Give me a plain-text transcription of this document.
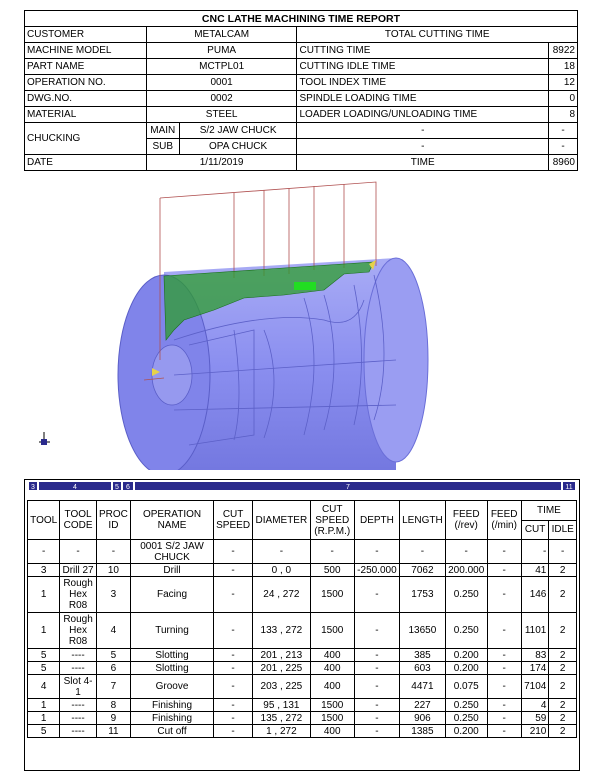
CNC LATHE MACHINING TIME REPORT				
CUSTOMER	METALCAM		TOTAL CUTTING TIME	
MACHINE MODEL	PUMA		CUTTING TIME	8922
PART NAME	MCTPL01		CUTTING IDLE TIME	18
OPERATION NO.	0001		TOOL INDEX TIME	12
DWG.NO.	0002		SPINDLE LOADING TIME	0
MATERIAL	STEEL		LOADER LOADING/UNLOADING TIME	8
CHUCKING	MAIN	S/2 JAW CHUCK	-	-
	SUB	OPA CHUCK	-	-
DATE	1/11/2019		TIME	8960
3	4	5 6	7	11
TOOL	TOOL CODE	PROC ID	OPERATION NAME	CUT SPEED	DIAMETER	CUT SPEED (R.P.M.)	DEPTH	LENGTH	FEED (/rev)	FEED (/min)	TIME	
											CUT	IDLE
-	-	-	0001 S/2 JAW CHUCK	-	-	-	-	-	-	-	-	-
3	Drill 27	10	Drill	-	0 , 0	500	-250.000	7062	200.000	-	41	2
1	Rough Hex R08	3	Facing	-	24 , 272	1500	-	1753	0.250	-	146	2
1	Rough Hex R08	4	Turning	-	133 , 272	1500	-	13650	0.250	-	1101	2
5	----	5	Slotting	-	201 , 213	400	-	385	0.200	-	83	2
5	----	6	Slotting	-	201 , 225	400	-	603	0.200	-	174	2
4	Slot 4-1	7	Groove	-	203 , 225	400	-	4471	0.075	-	7104	2
1	----	8	Finishing	-	95 , 131	1500	-	227	0.250	-	4	2
1	----	9	Finishing	-	135 , 272	1500	-	906	0.250	-	59	2
5	----	11	Cut off	-	1 , 272	400	-	1385	0.200	-	210	2
